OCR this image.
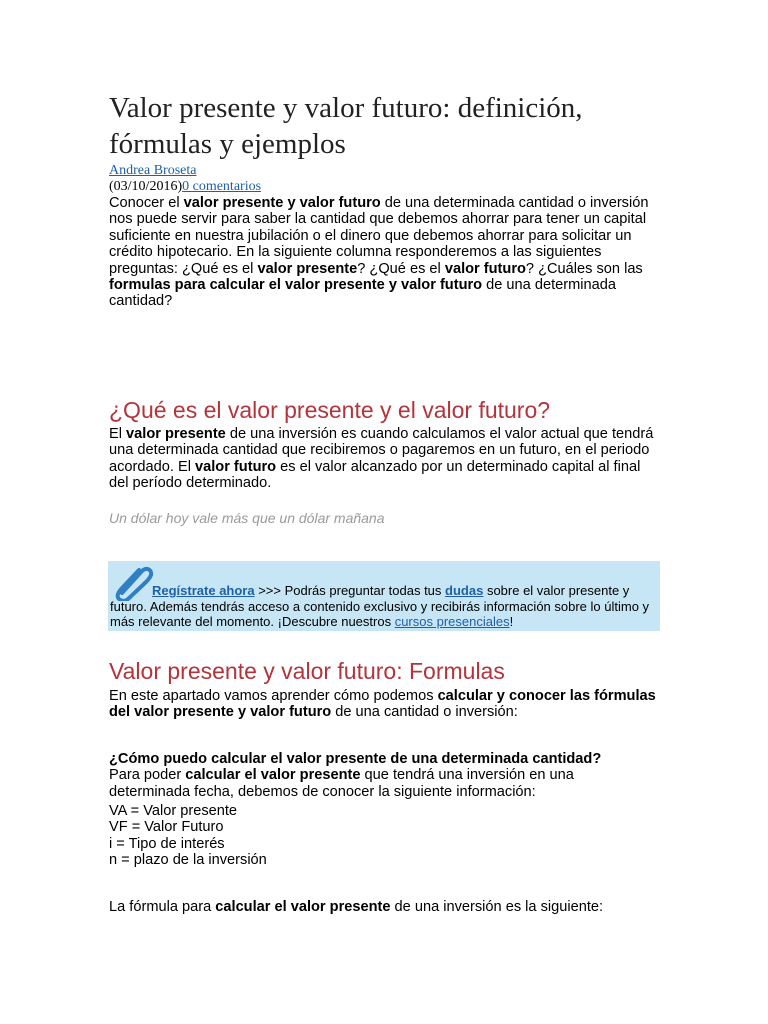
Valor presente y valor futuro: definición, fórmulas y ejemplos

Andrea Broseta

(03/10/2016)0 comentarios

Conocer el valor presente y valor futuro de una determinada cantidad o inversión nos puede servir para saber la cantidad que debemos ahorrar para tener un capital suficiente en nuestra jubilación o el dinero que debemos ahorrar para solicitar un crédito hipotecario. En la siguiente columna responderemos a las siguientes preguntas: ¿Qué es el valor presente? ¿Qué es el valor futuro? ¿Cuáles son las formulas para calcular el valor presente y valor futuro de una determinada cantidad?

¿Qué es el valor presente y el valor futuro?

El valor presente de una inversión es cuando calculamos el valor actual que tendrá una determinada cantidad que recibiremos o pagaremos en un futuro, en el periodo acordado. El valor futuro es el valor alcanzado por un determinado capital al final del período determinado.

Un dólar hoy vale más que un dólar mañana

Regístrate ahora >>> Podrás preguntar todas tus dudas sobre el valor presente y futuro. Además tendrás acceso a contenido exclusivo y recibirás información sobre lo último y más relevante del momento. ¡Descubre nuestros cursos presenciales!
Valor presente y valor futuro: Formulas

En este apartado vamos aprender cómo podemos calcular y conocer las fórmulas del valor presente y valor futuro de una cantidad o inversión:

¿Cómo puedo calcular el valor presente de una determinada cantidad?
Para poder calcular el valor presente que tendrá una inversión en una determinada fecha, debemos de conocer la siguiente información:

VA = Valor presente
VF = Valor Futuro
i = Tipo de interés
n = plazo de la inversión

La fórmula para calcular el valor presente de una inversión es la siguiente:
